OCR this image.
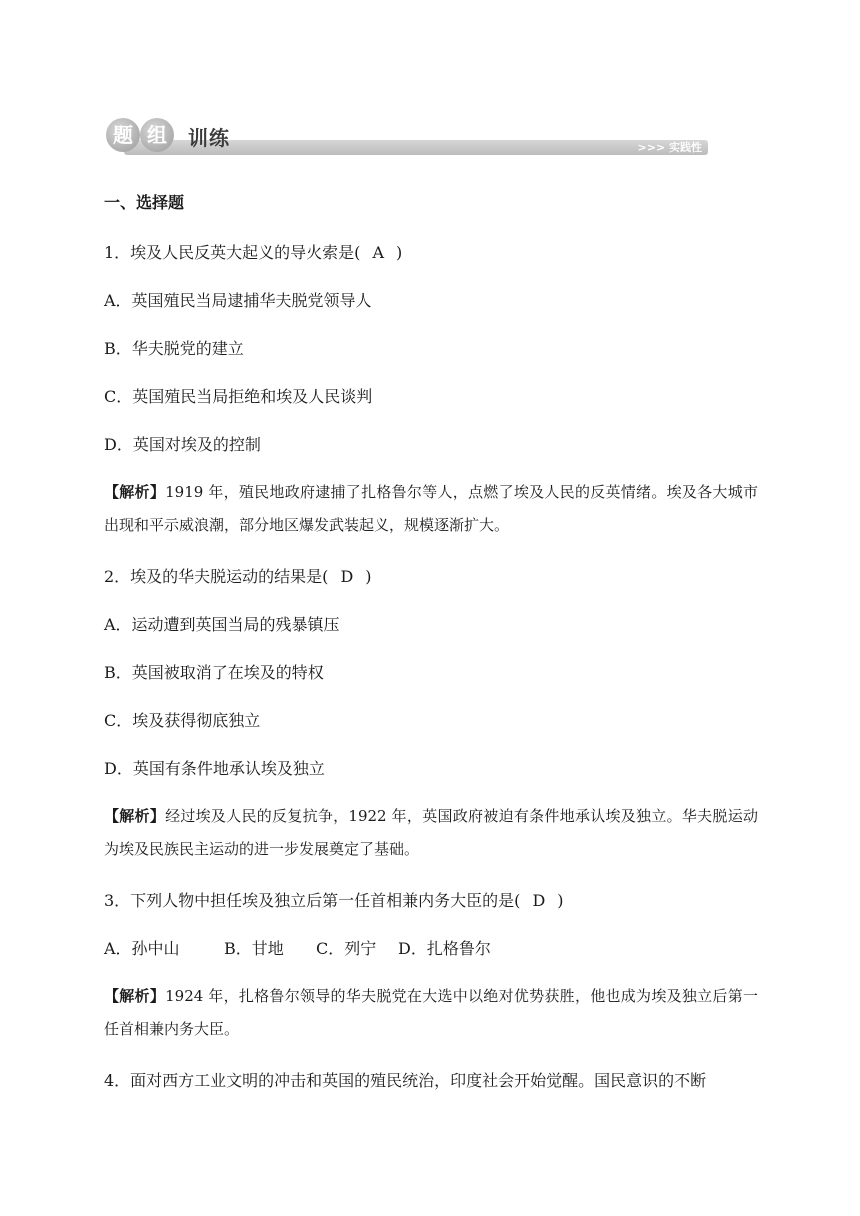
题 组	训练	>>> 实践性
一、选择题
1．埃及人民反英大起义的导火索是( A )
A．英国殖民当局逮捕华夫脱党领导人
B．华夫脱党的建立
C．英国殖民当局拒绝和埃及人民谈判
D．英国对埃及的控制
【解析】1919 年，殖民地政府逮捕了扎格鲁尔等人，点燃了埃及人民的反英情绪。埃及各大城市出现和平示威浪潮，部分地区爆发武装起义，规模逐渐扩大。
2．埃及的华夫脱运动的结果是( D )
A．运动遭到英国当局的残暴镇压
B．英国被取消了在埃及的特权
C．埃及获得彻底独立
D．英国有条件地承认埃及独立
【解析】经过埃及人民的反复抗争，1922 年，英国政府被迫有条件地承认埃及独立。华夫脱运动为埃及民族民主运动的进一步发展奠定了基础。
3．下列人物中担任埃及独立后第一任首相兼内务大臣的是( D )
A．孙中山	B．甘地 C．列宁 D．扎格鲁尔
【解析】1924 年，扎格鲁尔领导的华夫脱党在大选中以绝对优势获胜，他也成为埃及独立后第一任首相兼内务大臣。
4．面对西方工业文明的冲击和英国的殖民统治，印度社会开始觉醒。国民意识的不断
